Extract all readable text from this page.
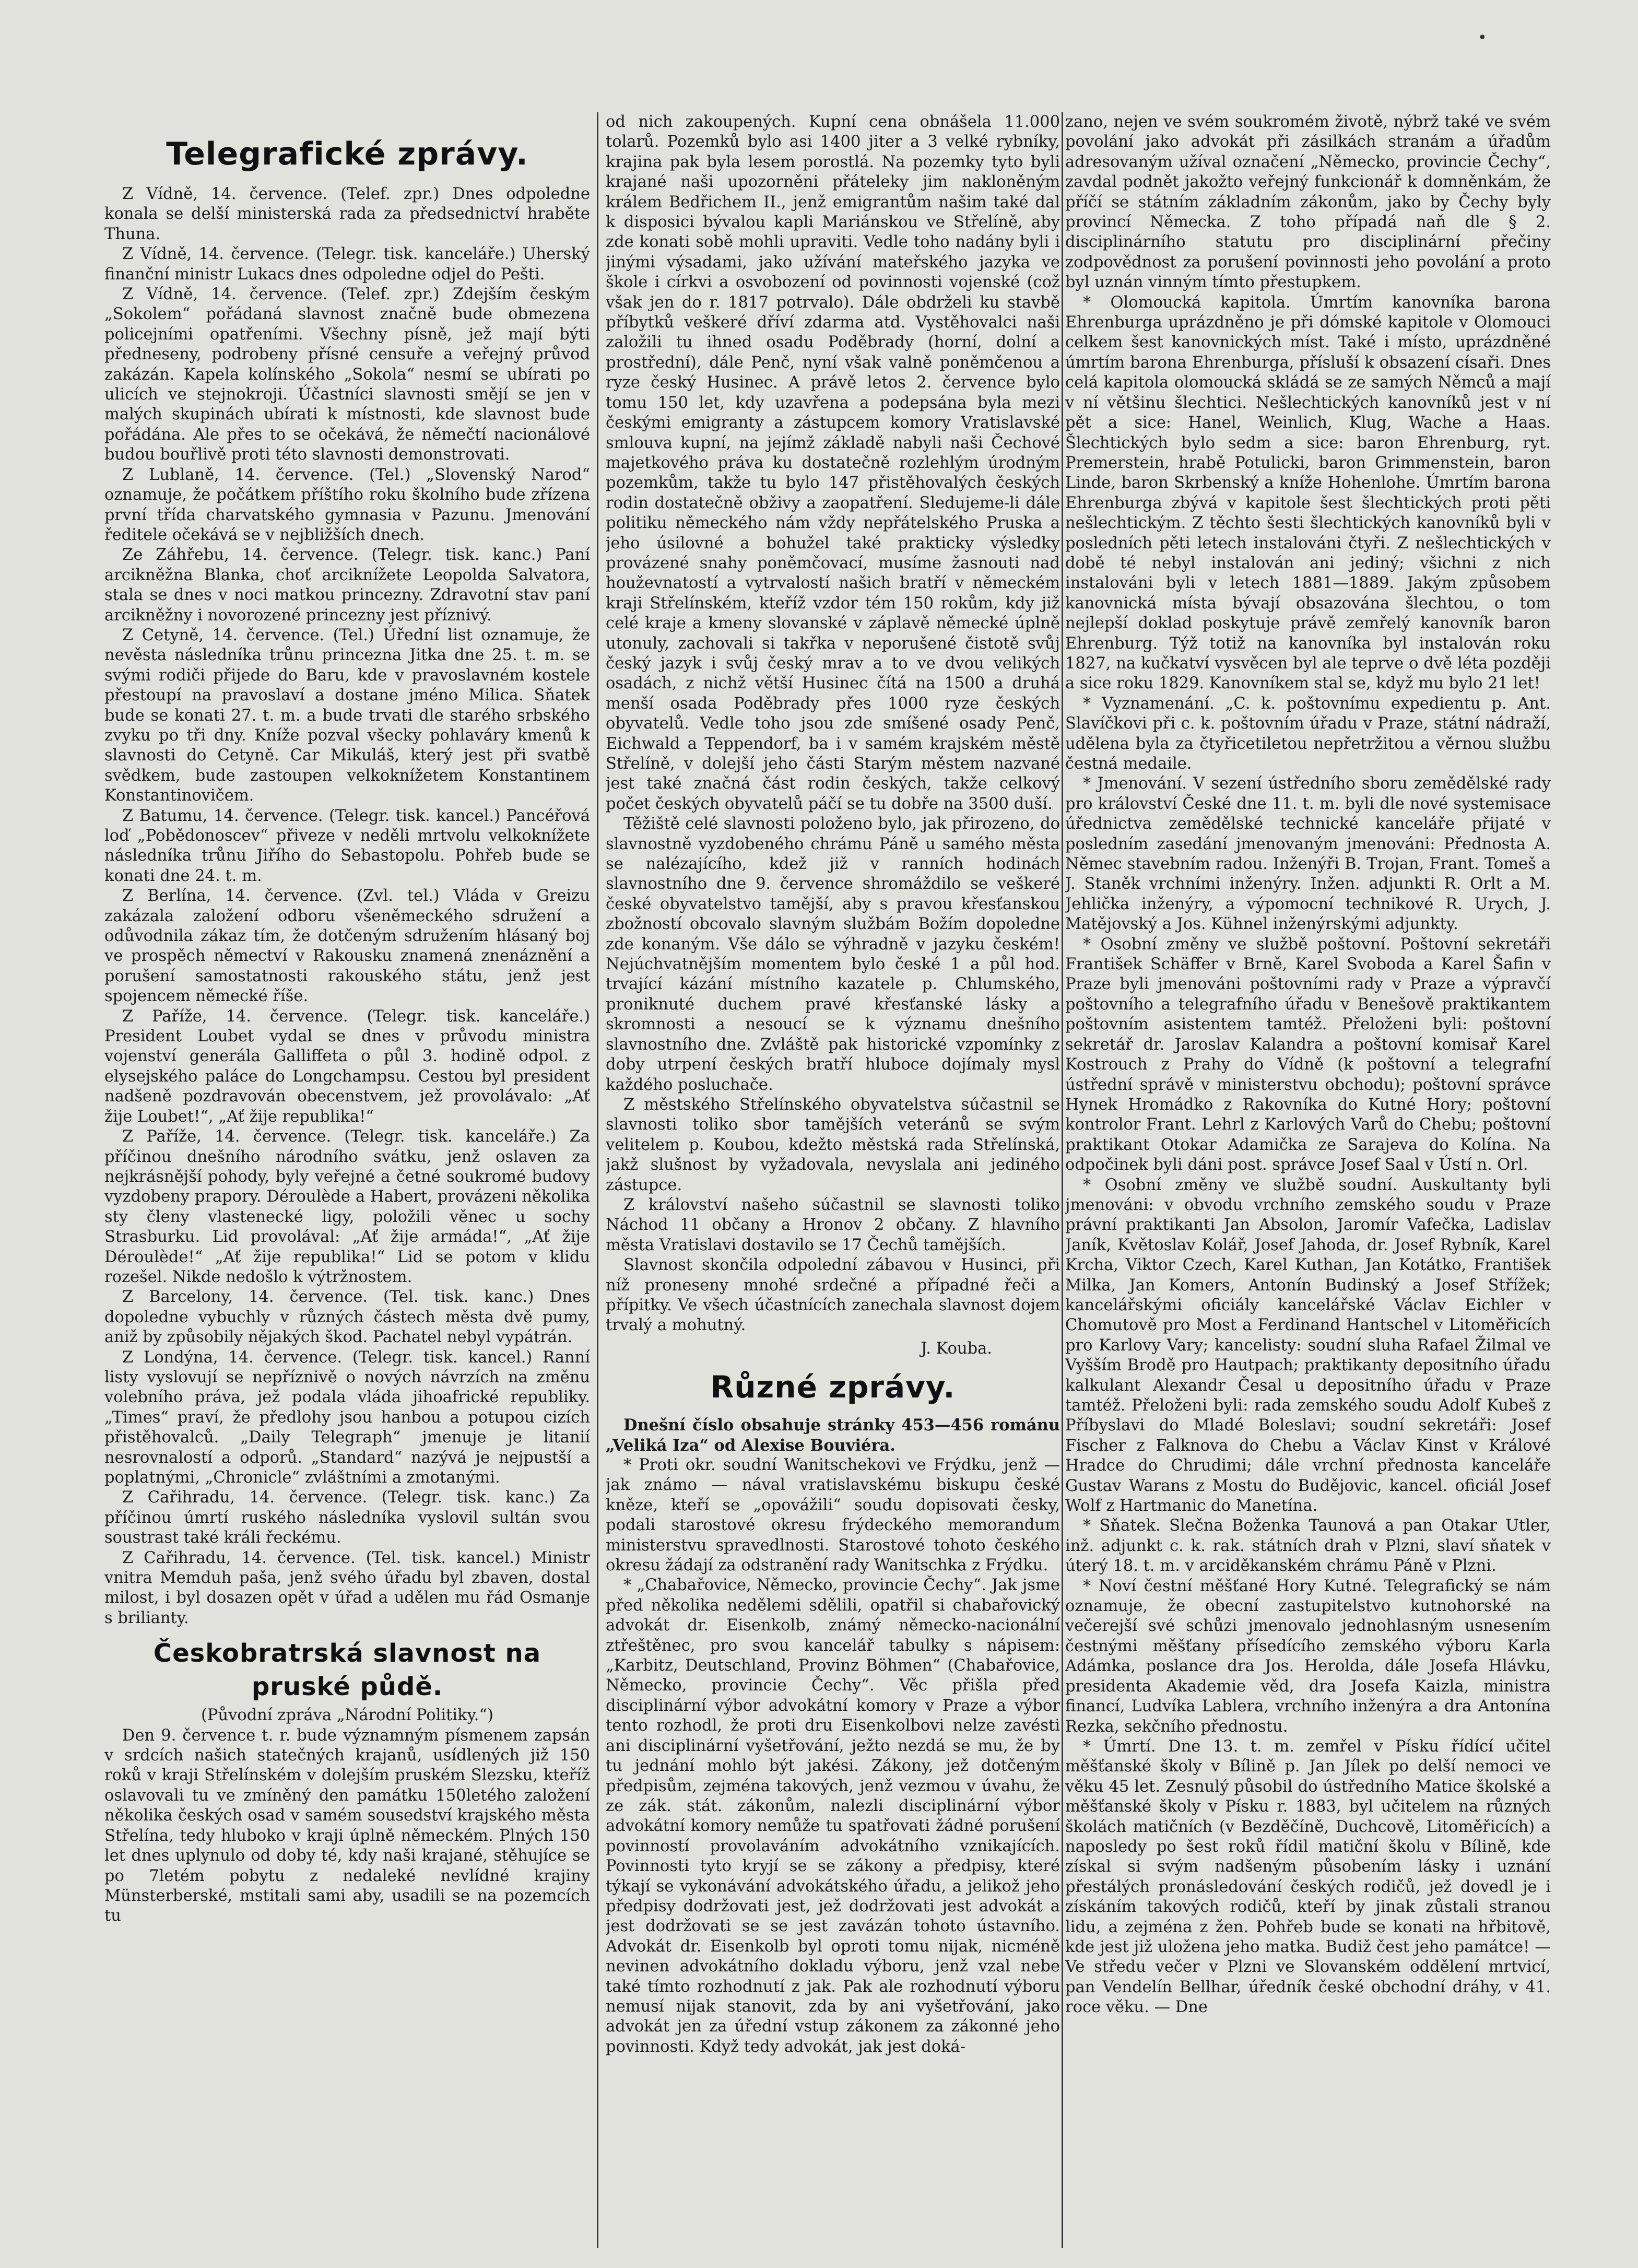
•
Telegrafické zprávy.

Z Vídně, 14. července. (Telef. zpr.) Dnes odpoledne konala se delší ministerská rada za předsednictví hraběte Thuna.

Z Vídně, 14. července. (Telegr. tisk. kanceláře.) Uherský finanční ministr Lukacs dnes odpoledne odjel do Pešti.

Z Vídně, 14. července. (Telef. zpr.) Zdejším českým „Sokolem“ pořádaná slavnost značně bude obmezena policejními opatřeními. Všechny písně, jež mají býti předneseny, podrobeny přísné censuře a veřejný průvod zakázán. Kapela kolínského „Sokola“ nesmí se ubírati po ulicích ve stejnokroji. Účastníci slavnosti smějí se jen v malých skupinách ubírati k místnosti, kde slavnost bude pořádána. Ale přes to se očekává, že němečtí nacionálové budou bouřlivě proti této slavnosti demonstrovati.

Z Lublaně, 14. července. (Tel.) „Slovenský Narod“ oznamuje, že počátkem příštího roku školního bude zřízena první třída charvatského gymnasia v Pazunu. Jmenování ředitele očekává se v nejbližších dnech.

Ze Záhřebu, 14. července. (Telegr. tisk. kanc.) Paní arcikněžna Blanka, choť arciknížete Leopolda Salvatora, stala se dnes v noci matkou princezny. Zdravotní stav paní arcikněžny i novorozené princezny jest příznivý.

Z Cetyně, 14. července. (Tel.) Úřední list oznamuje, že nevěsta následníka trůnu princezna Jitka dne 25. t. m. se svými rodiči přijede do Baru, kde v pravoslavném kostele přestoupí na pravoslaví a dostane jméno Milica. Sňatek bude se konati 27. t. m. a bude trvati dle starého srbského zvyku po tři dny. Kníže pozval všecky pohlaváry kmenů k slavnosti do Cetyně. Car Mikuláš, který jest při svatbě svědkem, bude zastoupen velkoknížetem Konstantinem Konstantinovičem.

Z Batumu, 14. července. (Telegr. tisk. kancel.) Pancéřová loď „Pobědonoscev“ přiveze v neděli mrtvolu velkoknížete následníka trůnu Jiřího do Sebastopolu. Pohřeb bude se konati dne 24. t. m.

Z Berlína, 14. července. (Zvl. tel.) Vláda v Greizu zakázala založení odboru všeněmeckého sdružení a odůvodnila zákaz tím, že dotčeným sdružením hlásaný boj ve prospěch němectví v Rakousku znamená znenáznění a porušení samostatnosti rakouského státu, jenž jest spojencem německé říše.

Z Paříže, 14. července. (Telegr. tisk. kanceláře.) President Loubet vydal se dnes v průvodu ministra vojenství generála Galliffeta o půl 3. hodině odpol. z elysejského paláce do Longchampsu. Cestou byl president nadšeně pozdravován obecenstvem, jež provolávalo: „Ať žije Loubet!“, „Ať žije republika!“

Z Paříže, 14. července. (Telegr. tisk. kanceláře.) Za příčinou dnešního národního svátku, jenž oslaven za nejkrásnější pohody, byly veřejné a četné soukromé budovy vyzdobeny prapory. Déroulède a Habert, provázeni několika sty členy vlastenecké ligy, položili věnec u sochy Strasburku. Lid provolával: „Ať žije armáda!“, „Ať žije Déroulède!“ „Ať žije republika!“ Lid se potom v klidu rozešel. Nikde nedošlo k výtržnostem.

Z Barcelony, 14. července. (Tel. tisk. kanc.) Dnes dopoledne vybuchly v různých částech města dvě pumy, aniž by způsobily nějakých škod. Pachatel nebyl vypátrán.

Z Londýna, 14. července. (Telegr. tisk. kancel.) Ranní listy vyslovují se nepříznivě o nových návrzích na změnu volebního práva, jež podala vláda jihoafrické republiky. „Times“ praví, že předlohy jsou hanbou a potupou cizích přistěhovalců. „Daily Telegraph“ jmenuje je litanií nesrovnalostí a odporů. „Standard“ nazývá je nejpustší a poplatnými, „Chronicle“ zvláštními a zmotanými.

Z Cařihradu, 14. července. (Telegr. tisk. kanc.) Za příčinou úmrtí ruského následníka vyslovil sultán svou soustrast také králi řeckému.

Z Cařihradu, 14. července. (Tel. tisk. kancel.) Ministr vnitra Memduh paša, jenž svého úřadu byl zbaven, dostal milost, i byl dosazen opět v úřad a udělen mu řád Osmanje s brilianty.

Českobratrská slavnost na pruské půdě.

(Původní zpráva „Národní Politiky.“)

Den 9. července t. r. bude významným písmenem zapsán v srdcích našich statečných krajanů, usídlených již 150 roků v kraji Střelínském v dolejším pruském Slezsku, kteříž oslavovali tu ve zmíněný den památku 150letého založení několika českých osad v samém sousedství krajského města Střelína, tedy hluboko v kraji úplně německém. Plných 150 let dnes uplynulo od doby té, kdy naši krajané, stěhujíce se po 7letém pobytu z nedaleké nevlídné krajiny Münsterberské, mstitali sami aby, usadili se na pozemcích tu

od nich zakoupených. Kupní cena obnášela 11.000 tolarů. Pozemků bylo asi 1400 jiter a 3 velké rybníky, krajina pak byla lesem porostlá. Na pozemky tyto byli krajané naši upozorněni přáteleky jim nakloněným králem Bedřichem II., jenž emigrantům našim také dal k disposici bývalou kapli Mariánskou ve Střelíně, aby zde konati sobě mohli upraviti. Vedle toho nadány byli i jinými výsadami, jako užívání mateřského jazyka ve škole i církvi a osvobození od povinnosti vojenské (což však jen do r. 1817 potrvalo). Dále obdrželi ku stavbě příbytků veškeré dříví zdarma atd. Vystěhovalci naši založili tu ihned osadu Poděbrady (horní, dolní a prostřední), dále Penč, nyní však valně poněmčenou a ryze český Husinec. A právě letos 2. července bylo tomu 150 let, kdy uzavřena a podepsána byla mezi českými emigranty a zástupcem komory Vratislavské smlouva kupní, na jejímž základě nabyli naši Čechové majetkového práva ku dostatečně rozlehlým úrodným pozemkům, takže tu bylo 147 přistěhovalých českých rodin dostatečně obživy a zaopatření. Sledujeme-li dále politiku německého nám vždy nepřátelského Pruska a jeho úsilovné a bohužel také prakticky výsledky provázené snahy poněmčovací, musíme žasnouti nad houževnatostí a vytrvalostí našich bratří v německém kraji Střelínském, kteříž vzdor tém 150 rokům, kdy již celé kraje a kmeny slovanské v záplavě německé úplně utonuly, zachovali si takřka v neporušené čistotě svůj český jazyk i svůj český mrav a to ve dvou velikých osadách, z nichž větší Husinec čítá na 1500 a druhá menší osada Poděbrady přes 1000 ryze českých obyvatelů. Vedle toho jsou zde smíšené osady Penč, Eichwald a Teppendorf, ba i v samém krajském městě Střelíně, v dolejší jeho části Starým městem nazvané jest také značná část rodin českých, takže celkový počet českých obyvatelů páčí se tu dobře na 3500 duší.

Těžiště celé slavnosti položeno bylo, jak přirozeno, do slavnostně vyzdobeného chrámu Páně u samého města se nalézajícího, kdež již v ranních hodinách slavnostního dne 9. července shromáždilo se veškeré české obyvatelstvo tamější, aby s pravou křesťanskou zbožností obcovalo slavným službám Božím dopoledne zde konaným. Vše dálo se výhradně v jazyku českém! Nejúchvatnějším momentem bylo české 1 a půl hod. trvající kázání místního kazatele p. Chlumského, proniknuté duchem pravé křesťanské lásky a skromnosti a nesoucí se k významu dnešního slavnostního dne. Zvláště pak historické vzpomínky z doby utrpení českých bratří hluboce dojímaly mysl každého posluchače.

Z městského Střelínského obyvatelstva súčastnil se slavnosti toliko sbor tamějších veteránů se svým velitelem p. Koubou, kdežto městská rada Střelínská, jakž slušnost by vyžadovala, nevyslala ani jediného zástupce.

Z království našeho súčastnil se slavnosti toliko Náchod 11 občany a Hronov 2 občany. Z hlavního města Vratislavi dostavilo se 17 Čechů tamějších.

Slavnost skončila odpolední zábavou v Husinci, při níž proneseny mnohé srdečné a případné řeči a přípitky. Ve všech účastnících zanechala slavnost dojem trvalý a mohutný.

J. Kouba.

Různé zprávy.

Dnešní číslo obsahuje stránky 453—456 románu „Veliká Iza“ od Alexise Bouviéra.

* Proti okr. soudní Wanitschekovi ve Frýdku, jenž — jak známo — nával vratislavskému biskupu české kněze, kteří se „opovážili“ soudu dopisovati česky, podali starostové okresu frýdeckého memorandum ministerstvu spravedlnosti. Starostové tohoto českého okresu žádají za odstranění rady Wanitschka z Frýdku.

* „Chabařovice, Německo, provincie Čechy“. Jak jsme před několika nedělemi sdělili, opatřil si chabařovický advokát dr. Eisenkolb, známý německo-nacionální ztřeštěnec, pro svou kancelář tabulky s nápisem: „Karbitz, Deutschland, Provinz Böhmen“ (Chabařovice, Německo, provincie Čechy“. Věc přišla před disciplinární výbor advokátní komory v Praze a výbor tento rozhodl, že proti dru Eisenkolbovi nelze zavésti ani disciplinární vyšetřování, ježto nezdá se mu, že by tu jednání mohlo být jakési. Zákony, jež dotčeným předpisům, zejména takových, jenž vezmou v úvahu, že ze zák. stát. zákonům, nalezli disciplinární výbor advokátní komory nemůže tu spatřovati žádné porušení povinností provolaváním advokátního vznikajících. Povinnosti tyto kryjí se se zákony a předpisy, které týkají se vykonávání advokátského úřadu, a jelikož jeho předpisy dodržovati jest, jež dodržovati jest advokát a jest dodržovati se se jest zavázán tohoto ústavního. Advokát dr. Eisenkolb byl oproti tomu nijak, nicméně nevinen advokátního dokladu výboru, jenž vzal nebe také tímto rozhodnutí z jak. Pak ale rozhodnutí výboru nemusí nijak stanovit, zda by ani vyšetřování, jako advokát jen za úřední vstup zákonem za zákonné jeho povinnosti. Když tedy advokát, jak jest doká-

zano, nejen ve svém soukromém životě, nýbrž také ve svém povolání jako advokát při zásilkách stranám a úřadům adresovaným užíval označení „Německo, provincie Čechy“, zavdal podnět jakožto veřejný funkcionář k domněnkám, že příčí se státním základním zákonům, jako by Čechy byly provincí Německa. Z toho případá naň dle § 2. disciplinárního statutu pro disciplinární přečiny zodpovědnost za porušení povinnosti jeho povolání a proto byl uznán vinným tímto přestupkem.

* Olomoucká kapitola. Úmrtím kanovníka barona Ehrenburga uprázdněno je při dómské kapitole v Olomouci celkem šest kanovnických míst. Také i místo, uprázdněné úmrtím barona Ehrenburga, přísluší k obsazení císaři. Dnes celá kapitola olomoucká skládá se ze samých Němců a mají v ní většinu šlechtici. Nešlechtických kanovníků jest v ní pět a sice: Hanel, Weinlich, Klug, Wache a Haas. Šlechtických bylo sedm a sice: baron Ehrenburg, ryt. Premerstein, hrabě Potulicki, baron Grimmenstein, baron Linde, baron Skrbenský a kníže Hohenlohe. Úmrtím barona Ehrenburga zbývá v kapitole šest šlechtických proti pěti nešlechtickým. Z těchto šesti šlechtických kanovníků byli v posledních pěti letech instalováni čtyři. Z nešlechtických v době té nebyl instalován ani jediný; všichni z nich instalováni byli v letech 1881—1889. Jakým způsobem kanovnická místa bývají obsazována šlechtou, o tom nejlepší doklad poskytuje právě zemřelý kanovník baron Ehrenburg. Týž totiž na kanovníka byl instalován roku 1827, na kučkatví vysvěcen byl ale teprve o dvě léta později a sice roku 1829. Kanovníkem stal se, když mu bylo 21 let!

* Vyznamenání. „C. k. poštovnímu expedientu p. Ant. Slavíčkovi při c. k. poštovním úřadu v Praze, státní nádraží, udělena byla za čtyřicetiletou nepřetržitou a věrnou službu čestná medaile.

* Jmenování. V sezení ústředního sboru zemědělské rady pro království České dne 11. t. m. byli dle nové systemisace úřednictva zemědělské technické kanceláře přijaté v posledním zasedání jmenovaným jmenováni: Přednosta A. Němec stavebním radou. Inženýři B. Trojan, Frant. Tomeš a J. Staněk vrchními inženýry. Inžen. adjunkti R. Orlt a M. Jehlička inženýry, a výpomocní technikové R. Urych, J. Matějovský a Jos. Kühnel inženýrskými adjunkty.

* Osobní změny ve službě poštovní. Poštovní sekretáři František Schäffer v Brně, Karel Svoboda a Karel Šafin v Praze byli jmenováni poštovními rady v Praze a výpravčí poštovního a telegrafního úřadu v Benešově praktikantem poštovním asistentem tamtéž. Přeloženi byli: poštovní sekretář dr. Jaroslav Kalandra a poštovní komisař Karel Kostrouch z Prahy do Vídně (k poštovní a telegrafní ústřední správě v ministerstvu obchodu); poštovní správce Hynek Hromádko z Rakovníka do Kutné Hory; poštovní kontrolor Frant. Lehrl z Karlových Varů do Chebu; poštovní praktikant Otokar Adamička ze Sarajeva do Kolína. Na odpočinek byli dáni post. správce Josef Saal v Ústí n. Orl.

* Osobní změny ve službě soudní. Auskultanty byli jmenováni: v obvodu vrchního zemského soudu v Praze právní praktikanti Jan Absolon, Jaromír Vafečka, Ladislav Janík, Květoslav Kolář, Josef Jahoda, dr. Josef Rybník, Karel Krcha, Viktor Czech, Karel Kuthan, Jan Kotátko, František Milka, Jan Komers, Antonín Budinský a Josef Střížek; kancelářskými oficiály kancelářské Václav Eichler v Chomutově pro Most a Ferdinand Hantschel v Litoměřicích pro Karlovy Vary; kancelisty: soudní sluha Rafael Žilmal ve Vyšším Brodě pro Hautpach; praktikanty depositního úřadu kalkulant Alexandr Česal u depositního úřadu v Praze tamtéž. Přeloženi byli: rada zemského soudu Adolf Kubeš z Příbyslavi do Mladé Boleslavi; soudní sekretáři: Josef Fischer z Falknova do Chebu a Václav Kinst v Králové Hradce do Chrudimi; dále vrchní přednosta kanceláře Gustav Warans z Mostu do Budějovic, kancel. oficiál Josef Wolf z Hartmanic do Manetína.

* Sňatek. Slečna Boženka Taunová a pan Otakar Utler, inž. adjunkt c. k. rak. státních drah v Plzni, slaví sňatek v úterý 18. t. m. v arciděkanském chrámu Páně v Plzni.

* Noví čestní měšťané Hory Kutné. Telegrafický se nám oznamuje, že obecní zastupitelstvo kutnohorské na večerejší své schůzi jmenovalo jednohlasným usnesením čestnými měšťany přísedícího zemského výboru Karla Adámka, poslance dra Jos. Herolda, dále Josefa Hlávku, presidenta Akademie věd, dra Josefa Kaizla, ministra financí, Ludvíka Lablera, vrchního inženýra a dra Antonína Rezka, sekčního přednostu.

* Úmrtí. Dne 13. t. m. zemřel v Písku řídící učitel měšťanské školy v Bílině p. Jan Jílek po delší nemoci ve věku 45 let. Zesnulý působil do ústředního Matice školské a měšťanské školy v Písku r. 1883, byl učitelem na různých školách matičních (v Bezděčíně, Duchcově, Litoměřicích) a naposledy po šest roků řídil matiční školu v Bílině, kde získal si svým nadšeným působením lásky i uznání přestálých pronásledování českých rodičů, jež dovedl je i získáním takových rodičů, kteří by jinak zůstali stranou lidu, a zejména z žen. Pohřeb bude se konati na hřbitově, kde jest již uložena jeho matka. Budiž čest jeho památce! — Ve středu večer v Plzni ve Slovanském oddělení mrtvicí, pan Vendelín Bellhar, úředník české obchodní dráhy, v 41. roce věku. — Dne
